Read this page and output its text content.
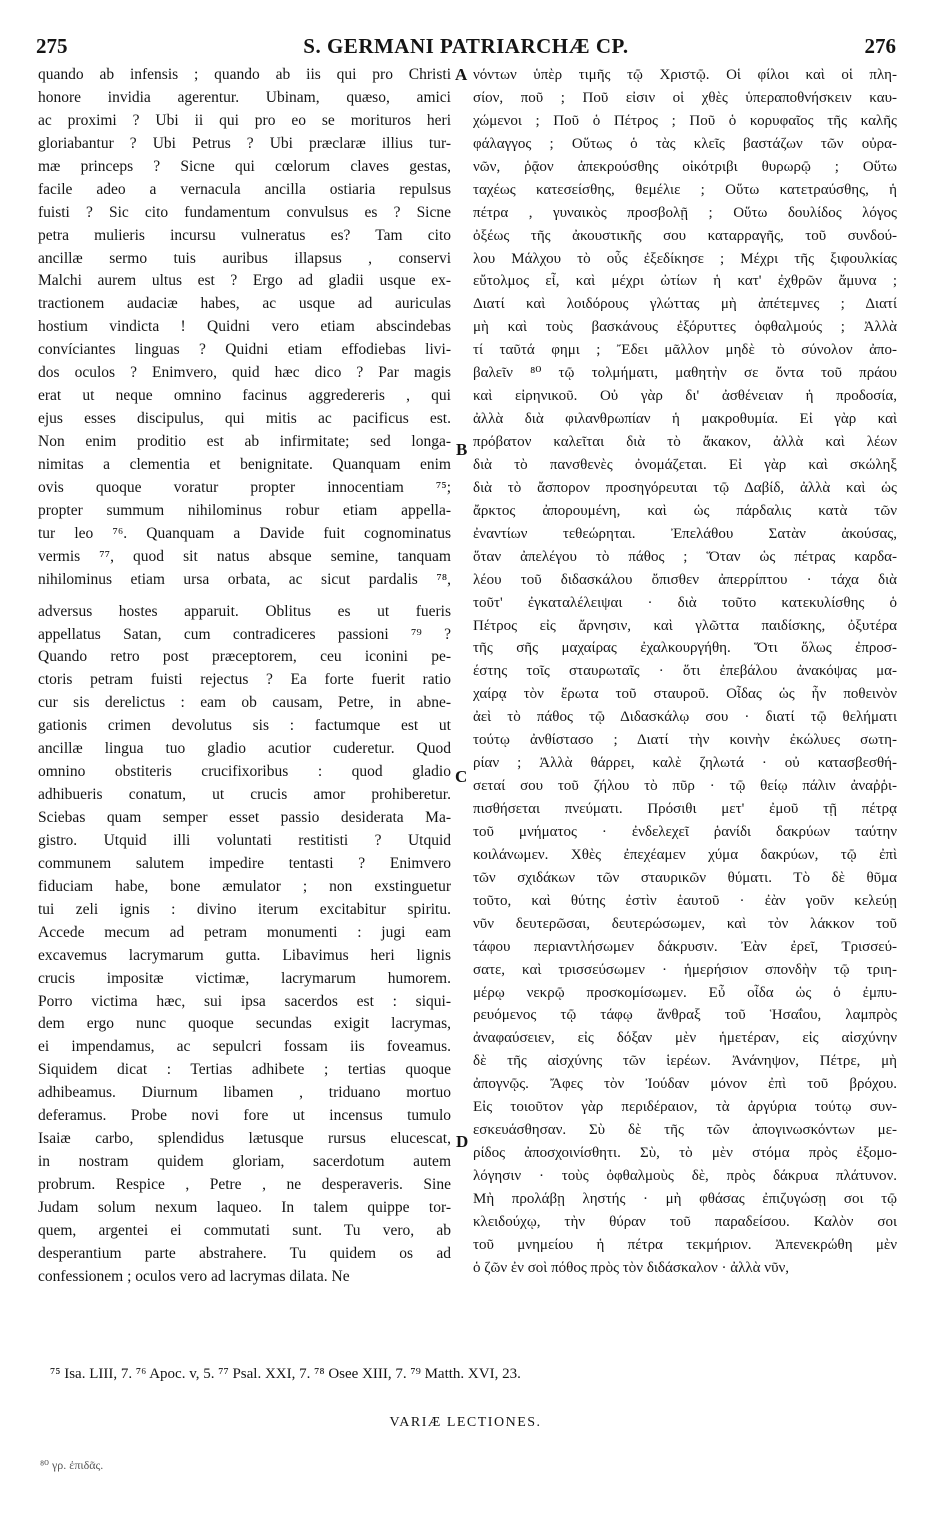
275	S. GERMANI PATRIARCHÆ CP.	276
quando ab infensis ; quando ab iis qui pro Christi
honore invidia agerentur. Ubinam, quæso, amici
ac proximi ? Ubi ii qui pro eo se morituros heri
gloriabantur ? Ubi Petrus ? Ubi præclaræ illius tur-
mæ princeps ? Sicne qui cœlorum claves gestas,
facile adeo a vernacula ancilla ostiaria repulsus
fuisti ? Sic cito fundamentum convulsus es ? Sicne
petra mulieris incursu vulneratus es? Tam cito
ancillæ sermo tuis auribus illapsus , conservi
Malchi aurem ultus est ? Ergo ad gladii usque ex-
tractionem audaciæ habes, ac usque ad auriculas
hostium vindicta ! Quidni vero etiam abscindebas
convíciantes linguas ? Quidni etiam effodiebas livi-
dos oculos ? Enimvero, quid hæc dico ? Par magis
erat ut neque omnino facinus aggredereris , qui
ejus esses discipulus, qui mitis ac pacificus est.
Non enim proditio est ab infirmitate; sed longa-
nimitas a clementia et benignitate. Quanquam enim
ovis quoque voratur propter innocentiam ⁷⁵;
propter summum nihilominus robur etiam appella-
tur leo ⁷⁶. Quanquam a Davide fuit cognominatus
vermis ⁷⁷, quod sit natus absque semine, tanquam
nihilominus etiam ursa orbata, ac sicut pardalis ⁷⁸,
adversus hostes apparuit. Oblitus es ut fueris
appellatus Satan, cum contradiceres passioni ⁷⁹ ?
Quando retro post præceptorem, ceu iconini pe-
ctoris petram fuisti rejectus ? Ea forte fuerit ratio
cur sis derelictus : eam ob causam, Petre, in abne-
gationis crimen devolutus sis : factumque est ut
ancillæ lingua tuo gladio acutior cuderetur. Quod
omnino obstiteris crucifixoribus : quod gladio
adhibueris conatum, ut crucis amor prohiberetur.
Sciebas quam semper esset passio desiderata Ma-
gistro. Utquid illi voluntati restitisti ? Utquid
communem salutem impedire tentasti ? Enimvero
fiduciam habe, bone æmulator ; non exstinguetur
tui zeli ignis : divino iterum excitabitur spiritu.
Accede mecum ad petram monumenti : jugi eam
excavemus lacrymarum gutta. Libavimus heri lignis
crucis impositæ victimæ, lacrymarum humorem.
Porro victima hæc, sui ipsa sacerdos est : siqui-
dem ergo nunc quoque secundas exigit lacrymas,
ei impendamus, ac sepulcri fossam iis foveamus.
Siquidem dicat : Tertias adhibete ; tertias quoque
adhibeamus. Diurnum libamen , triduano mortuo
deferamus. Probe novi fore ut incensus tumulo
Isaiæ carbo, splendidus lætusque rursus elucescat,
in nostram quidem gloriam, sacerdotum autem
probrum. Respice , Petre , ne desperaveris. Sine
Judam solum nexum laqueo. In talem quippe tor-
quem, argentei ei commutati sunt. Tu vero, ab
desperantium parte abstrahere. Tu quidem os ad
confessionem ; oculos vero ad lacrymas dilata. Ne
A
B
C
D
νόντων ὑπὲρ τιμῆς τῷ Χριστῷ. Οἱ φίλοι καὶ οἱ πλη-
σίον, ποῦ ; Ποῦ εἰσιν οἱ χθὲς ὑπεραποθνήσκειν καυ-
χώμενοι ; Ποῦ ὁ Πέτρος ; Ποῦ ὁ κορυφαῖος τῆς καλῆς
φάλαγγος ; Οὕτως ὁ τὰς κλεῖς βαστάζων τῶν οὐρα-
νῶν, ῥᾷον ἀπεκρούσθης οἰκότριβι θυρωρῷ ; Οὕτω
ταχέως κατεσείσθης, θεμέλιε ; Οὕτω κατετραύσθης, ἡ
πέτρα , γυναικὸς προσβολῇ ; Οὕτω δουλίδος λόγος
ὀξέως τῆς ἀκουστικῆς σου καταρραγῆς, τοῦ συνδού-
λου Μάλχου τὸ οὖς ἐξεδίκησε ; Μέχρι τῆς ξιφουλκίας
εὔτολμος εἶ, καὶ μέχρι ὠτίων ἡ κατ' ἐχθρῶν ἄμυνα ;
Διατί καὶ λοιδόρους γλώττας μὴ ἀπέτεμνες ; Διατί
μὴ καὶ τοὺς βασκάνους ἐξόρυττες ὀφθαλμούς ; Ἀλλὰ
τί ταῦτά φημι ; Ἔδει μᾶλλον μηδὲ τὸ σύνολον ἀπο-
βαλεῖν ⁸⁰ τῷ τολμήματι, μαθητὴν σε ὄντα τοῦ πράου
καὶ εἰρηνικοῦ. Οὐ γὰρ δι' ἀσθένειαν ἡ προδοσία,
ἀλλὰ διὰ φιλανθρωπίαν ἡ μακροθυμία. Εἰ γὰρ καὶ
πρόβατον καλεῖται διὰ τὸ ἄκακον, ἀλλὰ καὶ λέων
διὰ τὸ πανσθενὲς ὀνομάζεται. Εἰ γὰρ καὶ σκώληξ
διὰ τὸ ἄσπορον προσηγόρευται τῷ Δαβίδ, ἀλλὰ καὶ ὡς
ἄρκτος ἀπορουμένη, καὶ ὡς πάρδαλις κατὰ τῶν
ἐναντίων τεθεώρηται. Ἐπελάθου Σατὰν ἀκούσας,
ὅταν ἀπελέγου τὸ πάθος ; Ὅταν ὡς πέτρας καρδα-
λέου τοῦ διδασκάλου ὄπισθεν ἀπερρίπτου · τάχα διὰ
τοῦτ' ἐγκαταλέλειψαι · διὰ τοῦτο κατεκυλίσθης ὁ
Πέτρος εἰς ἄρνησιν, καὶ γλῶττα παιδίσκης, ὀξυτέρα
τῆς σῆς μαχαίρας ἐχαλκουργήθη. Ὅτι ὅλως ἐπροσ-
έστης τοῖς σταυρωταῖς · ὅτι ἐπεβάλου ἀνακόψας μα-
χαίρᾳ τὸν ἔρωτα τοῦ σταυροῦ. Οἶδας ὡς ἦν ποθεινὸν
ἀεὶ τὸ πάθος τῷ Διδασκάλῳ σου · διατί τῷ θελήματι
τούτῳ ἀνθίστασο ; Διατί τὴν κοινὴν ἐκώλυες σωτη-
ρίαν ; Ἀλλὰ θάρρει, καλὲ ζηλωτά · οὐ κατασβεσθή-
σεταί σου τοῦ ζήλου τὸ πῦρ · τῷ θείῳ πάλιν ἀναῤῥι-
πισθήσεται πνεύματι. Πρόσιθι μετ' ἐμοῦ τῇ πέτρᾳ
τοῦ μνήματος · ἐνδελεχεῖ ῥανίδι δακρύων ταύτην
κοιλάνωμεν. Χθὲς ἐπεχέαμεν χύμα δακρύων, τῷ ἐπὶ
τῶν σχιδάκων τῶν σταυρικῶν θύματι. Τὸ δὲ θῦμα
τοῦτο, καὶ θύτης ἐστὶν ἑαυτοῦ · ἐὰν γοῦν κελεύῃ
νῦν δευτερῶσαι, δευτερώσωμεν, καὶ τὸν λάκκον τοῦ
τάφου περιαντλήσωμεν δάκρυσιν. Ἐὰν ἐρεῖ, Τρισσεύ-
σατε, καὶ τρισσεύσωμεν · ἡμερήσιον σπονδὴν τῷ τριη-
μέρῳ νεκρῷ προσκομίσωμεν. Εὖ οἶδα ὡς ὁ ἐμπυ-
ρευόμενος τῷ τάφῳ ἄνθραξ τοῦ Ἡσαΐου, λαμπρὸς
ἀναφαύσειεν, εἰς δόξαν μὲν ἡμετέραν, εἰς αἰσχύνην
δὲ τῆς αἰσχύνης τῶν ἱερέων. Ἀνάνηψον, Πέτρε, μὴ
ἀπογνῷς. Ἄφες τὸν Ἰούδαν μόνον ἐπὶ τοῦ βρόχου.
Εἰς τοιοῦτον γὰρ περιδέραιον, τὰ ἀργύρια τούτῳ συν-
εσκευάσθησαν. Σὺ δὲ τῆς τῶν ἀπογινωσκόντων με-
ρίδος ἀποσχοινίσθητι. Σὺ, τὸ μὲν στόμα πρὸς ἐξομο-
λόγησιν · τοὺς ὀφθαλμοὺς δὲ, πρὸς δάκρυα πλάτυνον.
Μὴ προλάβῃ ληστής · μὴ φθάσας ἐπιζυγώσῃ σοι τῷ
κλειδούχῳ, τὴν θύραν τοῦ παραδείσου. Καλὸν σοι
τοῦ μνημείου ἡ πέτρα τεκμήριον. Ἀπενεκρώθη μὲν
ὁ ζῶν ἐν σοὶ πόθος πρὸς τὸν διδάσκαλον · ἀλλὰ νῦν,
⁷⁵ Isa. LIII, 7. ⁷⁶ Apoc. v, 5. ⁷⁷ Psal. XXI, 7. ⁷⁸ Osee XIII, 7. ⁷⁹ Matth. XVI, 23.
VARIÆ LECTIONES.
⁸⁰ γρ. ἐπιδᾶς.
